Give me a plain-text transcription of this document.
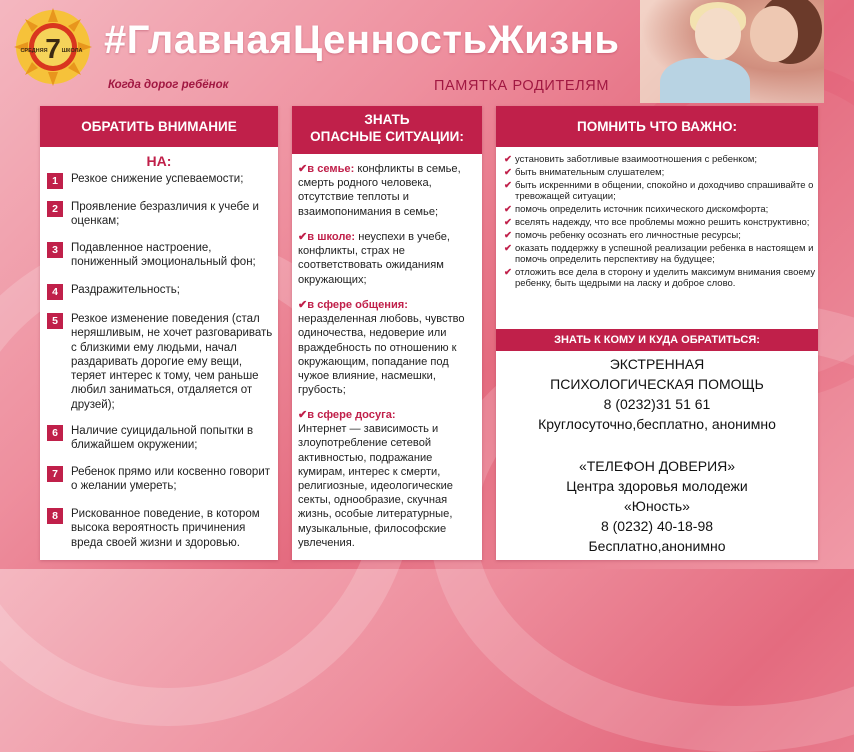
7
СРЕДНЯЯ	ШКОЛА #ГлавнаяЦенностьЖизнь
Когда дорог ребёнок	ПАМЯТКА РОДИТЕЛЯМ
ОБРАТИТЬ ВНИМАНИЕ
НА:
1	Резкое снижение успеваемости;
2	Проявление безразличия к учебе и оценкам;
3	Подавленное настроение, пониженный эмоциональный фон;
4	Раздражительность;
5	Резкое изменение поведения (стал неряшливым, не хочет разговаривать с близкими ему людьми, начал раздаривать дорогие ему вещи, теряет интерес к тому, чем раньше любил заниматься, отдаляется от друзей);
6	Наличие суицидальной попытки в ближайшем окружении;
7	Ребенок прямо или косвенно говорит о желании умереть;
8	Рискованное поведение, в котором высока вероятность причинения вреда своей жизни и здоровью.
ЗНАТЬ
ОПАСНЫЕ СИТУАЦИИ:
✔в семье: конфликты в семье, смерть родного человека, отсутствие теплоты и взаимопонимания в семье;
✔в школе: неуспехи в учебе, конфликты, страх не соответствовать ожиданиям окружающих;
✔в сфере общения:
неразделенная любовь, чувство одиночества, недоверие или враждебность по отношению к окружающим, попадание под чужое влияние, насмешки, грубость;
✔в сфере досуга:
Интернет — зависимость и злоупотребление сетевой активностью, подражание кумирам, интерес к смерти, религиозные, идеологические секты, однообразие, скучная жизнь, особые литературные, музыкальные, философские увлечения.
ПОМНИТЬ ЧТО ВАЖНО:
✔ установить заботливые взаимоотношения с ребенком;
✔ быть внимательным слушателем;
✔ быть искренними в общении, спокойно и доходчиво спрашивайте о тревожащей ситуации;
✔ помочь определить источник психического дискомфорта;
✔ вселять надежду, что все проблемы можно решить конструктивно;
✔ помочь ребенку осознать его личностные ресурсы;
✔ оказать поддержку в успешной реализации ребенка в настоящем и помочь определить перспективу на будущее;
✔ отложить все дела в сторону и уделить максимум внимания своему ребенку, быть щедрыми на ласку и доброе слово.
ЗНАТЬ К КОМУ И КУДА ОБРАТИТЬСЯ:
ЭКСТРЕННАЯ
ПСИХОЛОГИЧЕСКАЯ ПОМОЩЬ
8 (0232)31 51 61
Круглосуточно,бесплатно, анонимно
«ТЕЛЕФОН ДОВЕРИЯ»
Центра здоровья молодежи
«Юность»
8 (0232) 40-18-98
Бесплатно,анонимно
